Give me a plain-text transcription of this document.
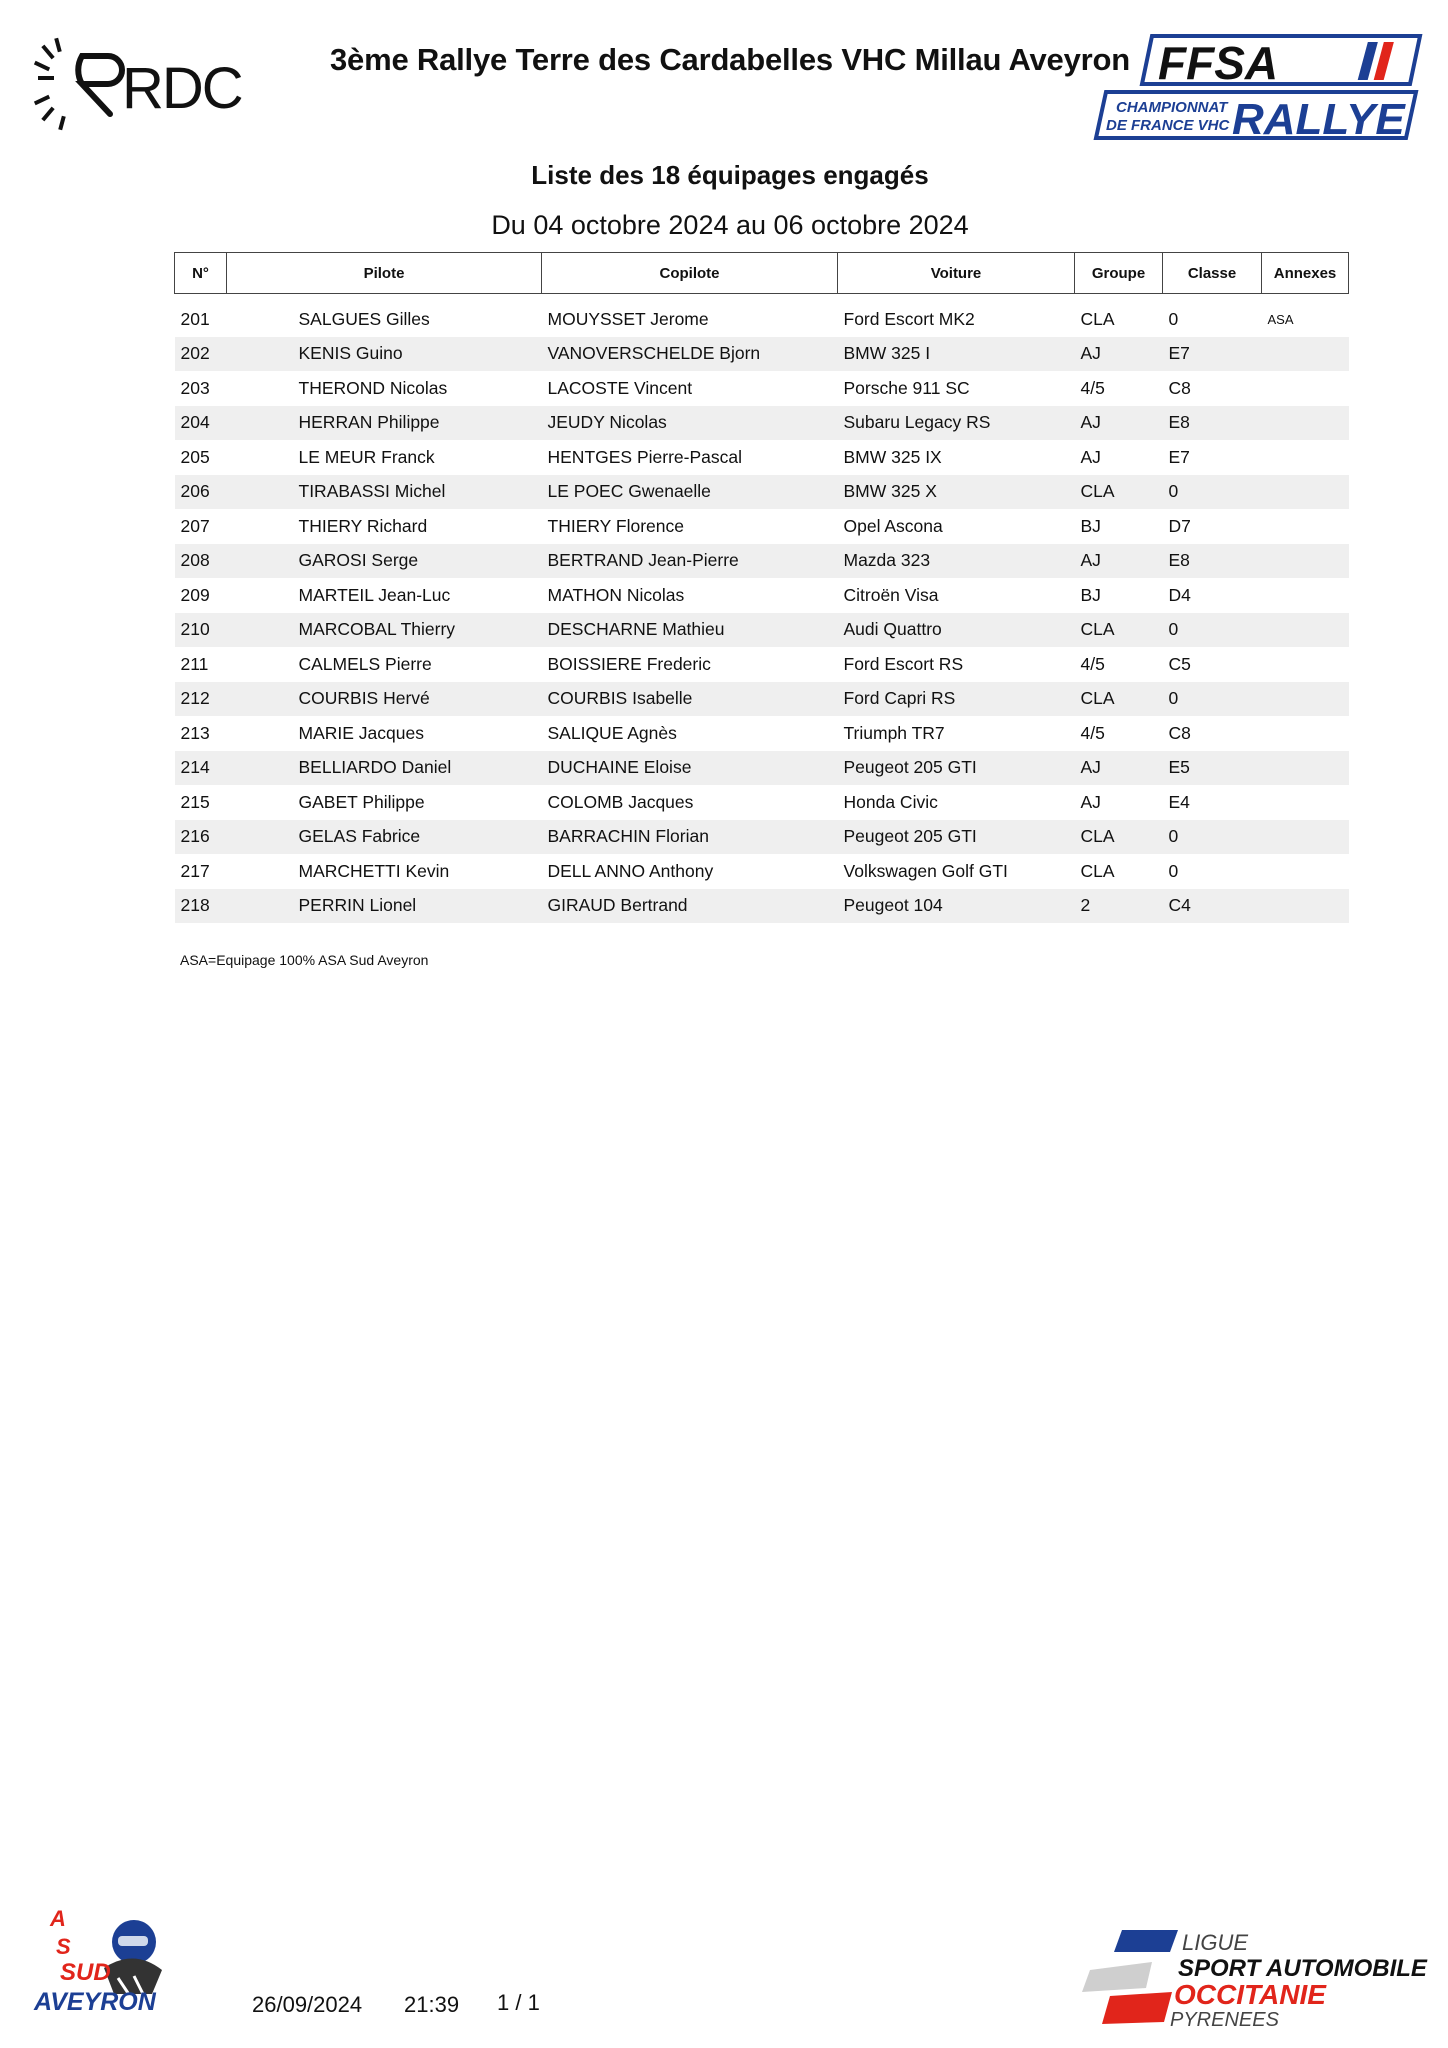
RDC	FFSA
CHAMPIONNAT
DE FRANCE VHC RALLYE
3ème Rallye Terre des Cardabelles VHC Millau Aveyron
Liste des 18 équipages engagés
Du 04 octobre 2024 au 06 octobre 2024
N°	Pilote	Copilote	Voiture	Groupe	Classe	Annexes

201	SALGUES Gilles	MOUYSSET Jerome	Ford Escort MK2	CLA	0	ASA
202	KENIS Guino	VANOVERSCHELDE Bjorn	BMW 325 I	AJ	E7	
203	THEROND Nicolas	LACOSTE Vincent	Porsche 911 SC	4/5	C8	
204	HERRAN Philippe	JEUDY Nicolas	Subaru Legacy RS	AJ	E8	
205	LE MEUR Franck	HENTGES Pierre-Pascal	BMW 325 IX	AJ	E7	
206	TIRABASSI Michel	LE POEC Gwenaelle	BMW 325 X	CLA	0	
207	THIERY Richard	THIERY Florence	Opel Ascona	BJ	D7	
208	GAROSI Serge	BERTRAND Jean-Pierre	Mazda 323	AJ	E8	
209	MARTEIL Jean-Luc	MATHON Nicolas	Citroën Visa	BJ	D4	
210	MARCOBAL Thierry	DESCHARNE Mathieu	Audi Quattro	CLA	0	
211	CALMELS Pierre	BOISSIERE Frederic	Ford Escort RS	4/5	C5	
212	COURBIS Hervé	COURBIS Isabelle	Ford Capri RS	CLA	0	
213	MARIE Jacques	SALIQUE Agnès	Triumph TR7	4/5	C8	
214	BELLIARDO Daniel	DUCHAINE Eloise	Peugeot 205 GTI	AJ	E5	
215	GABET Philippe	COLOMB Jacques	Honda Civic	AJ	E4	
216	GELAS Fabrice	BARRACHIN Florian	Peugeot 205 GTI	CLA	0	
217	MARCHETTI Kevin	DELL ANNO Anthony	Volkswagen Golf GTI	CLA	0	
218	PERRIN Lionel	GIRAUD Bertrand	Peugeot 104	2	C4	
ASA=Equipage 100% ASA Sud Aveyron
A
S
SUD
AVEYRON
LIGUE
SPORT AUTOMOBILE
OCCITANIE
PYRENEES
26/09/2024 21:39 1 / 1
